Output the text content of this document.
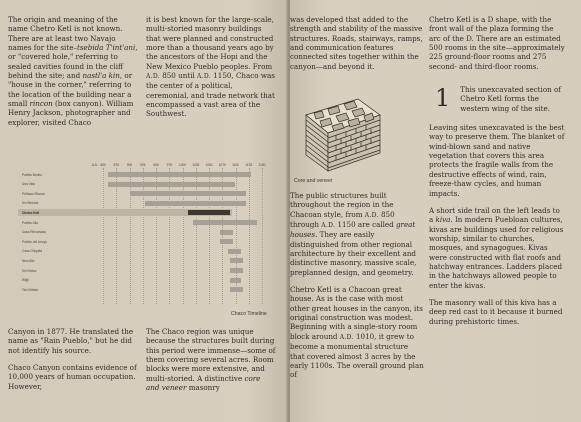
The origin and meaning of the name Chetro Ketl is not known. There are at least two Navajo names for the site–tsebida T'int'ani, or "covered hole," referring to sealed cavities found in the cliff behind the site; and nastl'a kin, or "house in the corner," referring to the location of the building near a small rincon (box canyon). William Henry Jackson, photographer and explorer, visited Chaco

it is best known for the large-scale, multi-storied masonry buildings that were planned and constructed more than a thousand years ago by the ancestors of the Hopi and the New Mexico Pueblo peoples. From A.D. 850 until A.D. 1150, Chaco was the center of a political, ceremonial, and trade network that encompassed a vast area of the Southwest.

A.D. 850 875 900 925 950 975 1000 1025 1050 1075 1100 1125 1150
Pueblo Bonito
Una Vida
Peñasco Blanco
Kin Bineola
Chetro Ketl
Pueblo Alto
Casa Rinconada
Pueblo del Arroyo
Casa Chiquita
New Alto
Kin Kletso
Wijiji
Tsin Kletsin
Chaco Timeline

Canyon in 1877. He translated the name as "Rain Pueblo," but he did not identify his source.

Chaco Canyon contains evidence of 10,000 years of human occupation. However,

The Chaco region was unique because the structures built during this period were immense—some of them covering several acres. Room blocks were more extensive, and multi-storied. A distinctive core and veneer masonry

was developed that added to the strength and stability of the massive structures. Roads, stairways, ramps, and communication features connected sites together within the canyon—and beyond it.

Core and veneer

The public structures built throughout the region in the Chacoan style, from A.D. 850 through A.D. 1150 are called great houses. They are easily distinguished from other regional architecture by their excellent and distinctive masonry, massive scale, preplanned design, and geometry.

Chetro Ketl is a Chacoan great house. As is the case with most other great houses in the canyon, its original construction was modest. Beginning with a single-story room block around A.D. 1010, it grew to become a monumental structure that covered almost 3 acres by the early 1100s. The overall ground plan of

Chetro Ketl is a D shape, with the front wall of the plaza forming the arc of the D. There are an estimated 500 rooms in the site—approximately 225 ground-floor rooms and 275 second- and third-floor rooms.

1 This unexcavated section of Chetro Ketl forms the western wing of the site.

Leaving sites unexcavated is the best way to preserve them. The blanket of wind-blown sand and native vegetation that covers this area protects the fragile walls from the destructive effects of wind, rain, freeze-thaw cycles, and human impacts.

A short side trail on the left leads to a kiva. In modern Puebloan cultures, kivas are buildings used for religious worship, similar to churches, mosques, and synagogues. Kivas were constructed with flat roofs and hatchway entrances. Ladders placed in the hatchways allowed people to enter the kivas.

The masonry wall of this kiva has a deep red cast to it because it burned during prehistoric times.
